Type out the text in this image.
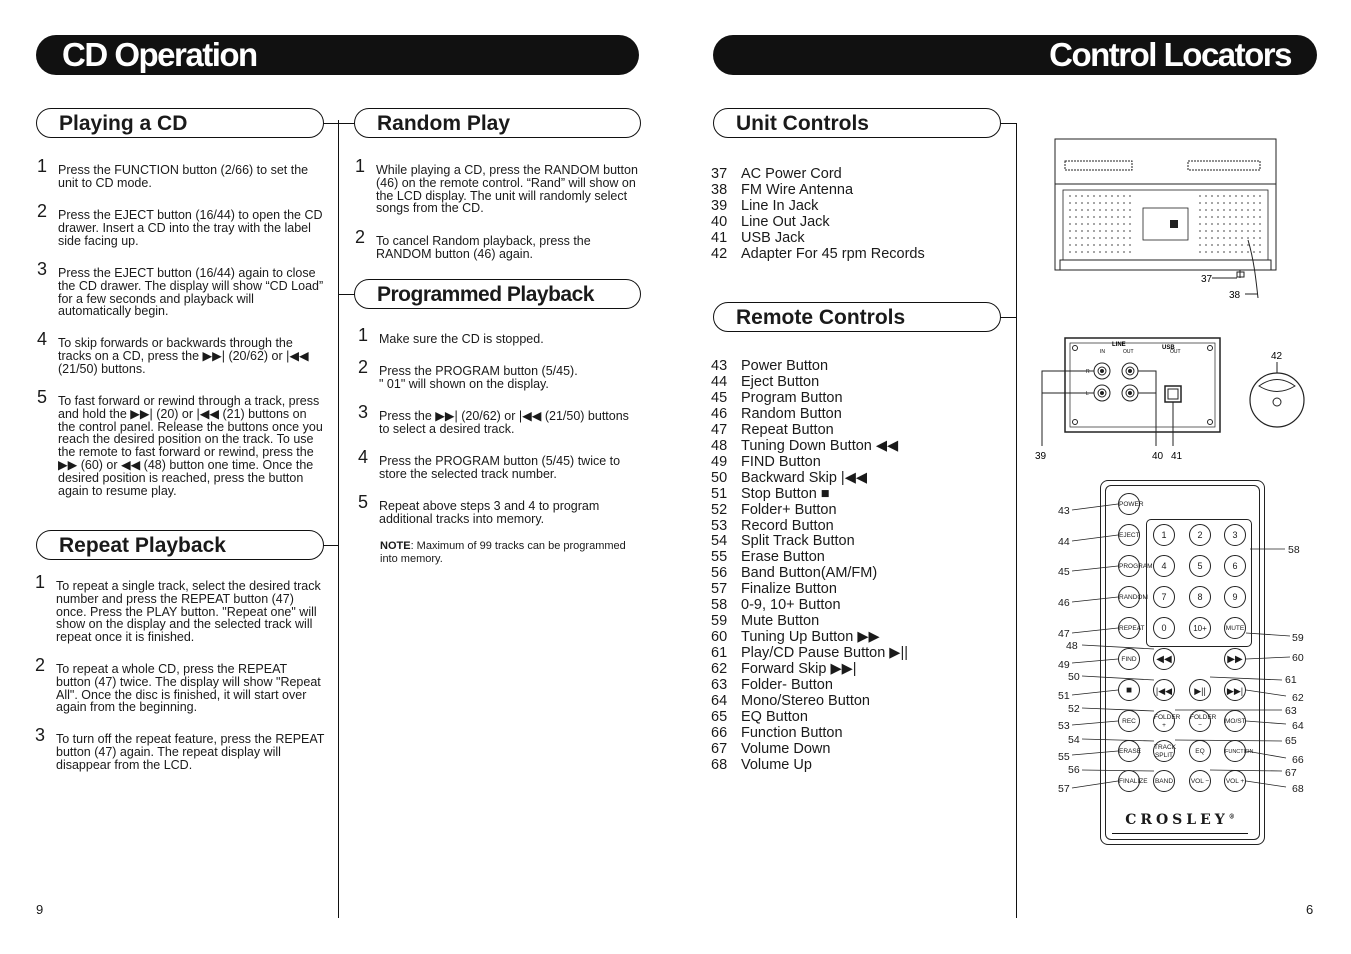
CD Operation
Playing a CD
1 Press the FUNCTION button (2/66) to set the unit to CD mode.
2 Press the EJECT button (16/44) to open the CD drawer. Insert a CD into the tray with the label side facing up.
3 Press the EJECT button (16/44) again to close the CD drawer. The display will show “CD Load” for a few seconds and playback will automatically begin.
4 To skip forwards or backwards through the tracks on a CD, press the ▶▶| (20/62) or |◀◀ (21/50) buttons.
5 To fast forward or rewind through a track, press and hold the ▶▶| (20) or |◀◀ (21) buttons on the control panel. Release the buttons once you reach the desired position on the track. To use the remote to fast forward or rewind, press the ▶▶ (60) or ◀◀ (48) button one time. Once the desired position is reached, press the button again to resume play.
Repeat Playback
1 To repeat a single track, select the desired track number and press the REPEAT button (47) once. Press the PLAY button. "Repeat one" will show on the display and the selected track will repeat once it is finished.
2 To repeat a whole CD, press the REPEAT button (47) twice. The display will show "Repeat All". Once the disc is finished, it will start over again from the beginning.
3 To turn off the repeat feature, press the REPEAT button (47) again. The repeat display will disappear from the LCD.
Random Play
1 While playing a CD, press the RANDOM button (46) on the remote control. “Rand” will show on the LCD display. The unit will randomly select songs from the CD.
2 To cancel Random playback, press the RANDOM button (46) again.
Programmed Playback
1 Make sure the CD is stopped.
2 Press the PROGRAM button (5/45).
" 01" will shown on the display.
3 Press the ▶▶| (20/62) or |◀◀ (21/50) buttons to select a desired track.
4 Press the PROGRAM button (5/45) twice to store the selected track number.
5 Repeat above steps 3 and 4 to program additional tracks into memory.
NOTE: Maximum of 99 tracks can be programmed into memory.
9
Control Locators
Unit Controls
37 AC Power Cord
38 FM Wire Antenna
39 Line In Jack
40 Line Out Jack
41 USB Jack
42 Adapter For 45 rpm Records
Remote Controls
43 Power Button
44 Eject Button
45 Program Button
46 Random Button
47 Repeat Button
48 Tuning Down Button ◀◀
49 FIND Button
50 Backward Skip |◀◀
51 Stop Button ■
52 Folder+ Button
53 Record Button
54 Split Track Button
55 Erase Button
56 Band Button(AM/FM)
57 Finalize Button
58 0-9, 10+ Button
59 Mute Button
60 Tuning Up Button ▶▶
61 Play/CD Pause Button ▶||
62 Forward Skip ▶▶|
63 Folder- Button
64 Mono/Stereo Button
65 EQ Button
66 Function Button
67 Volume Down
68 Volume Up
37
38
LINE
IN	OUT
USB
OUT
R
L
39	40 41
42
POWER
EJECT
PROGRAM
RANDOM
REPEAT
FIND
■
REC
ERASE
FINALIZE
1	2	3
4	5	6
7	8	9
0	10+	MUTE
◀◀	▶▶
|◀◀	▶||	▶▶|
FOLDER +
FOLDER −
MO/ST
TRACK SPLIT
EQ	FUNCTION
BAND	VOL −	VOL +
CROSLEY®
43
44
45
46
47
48
49
50
51
52
53
54
55
56
57
58
59
60
61
62
63
64
65
66
67
68
6
